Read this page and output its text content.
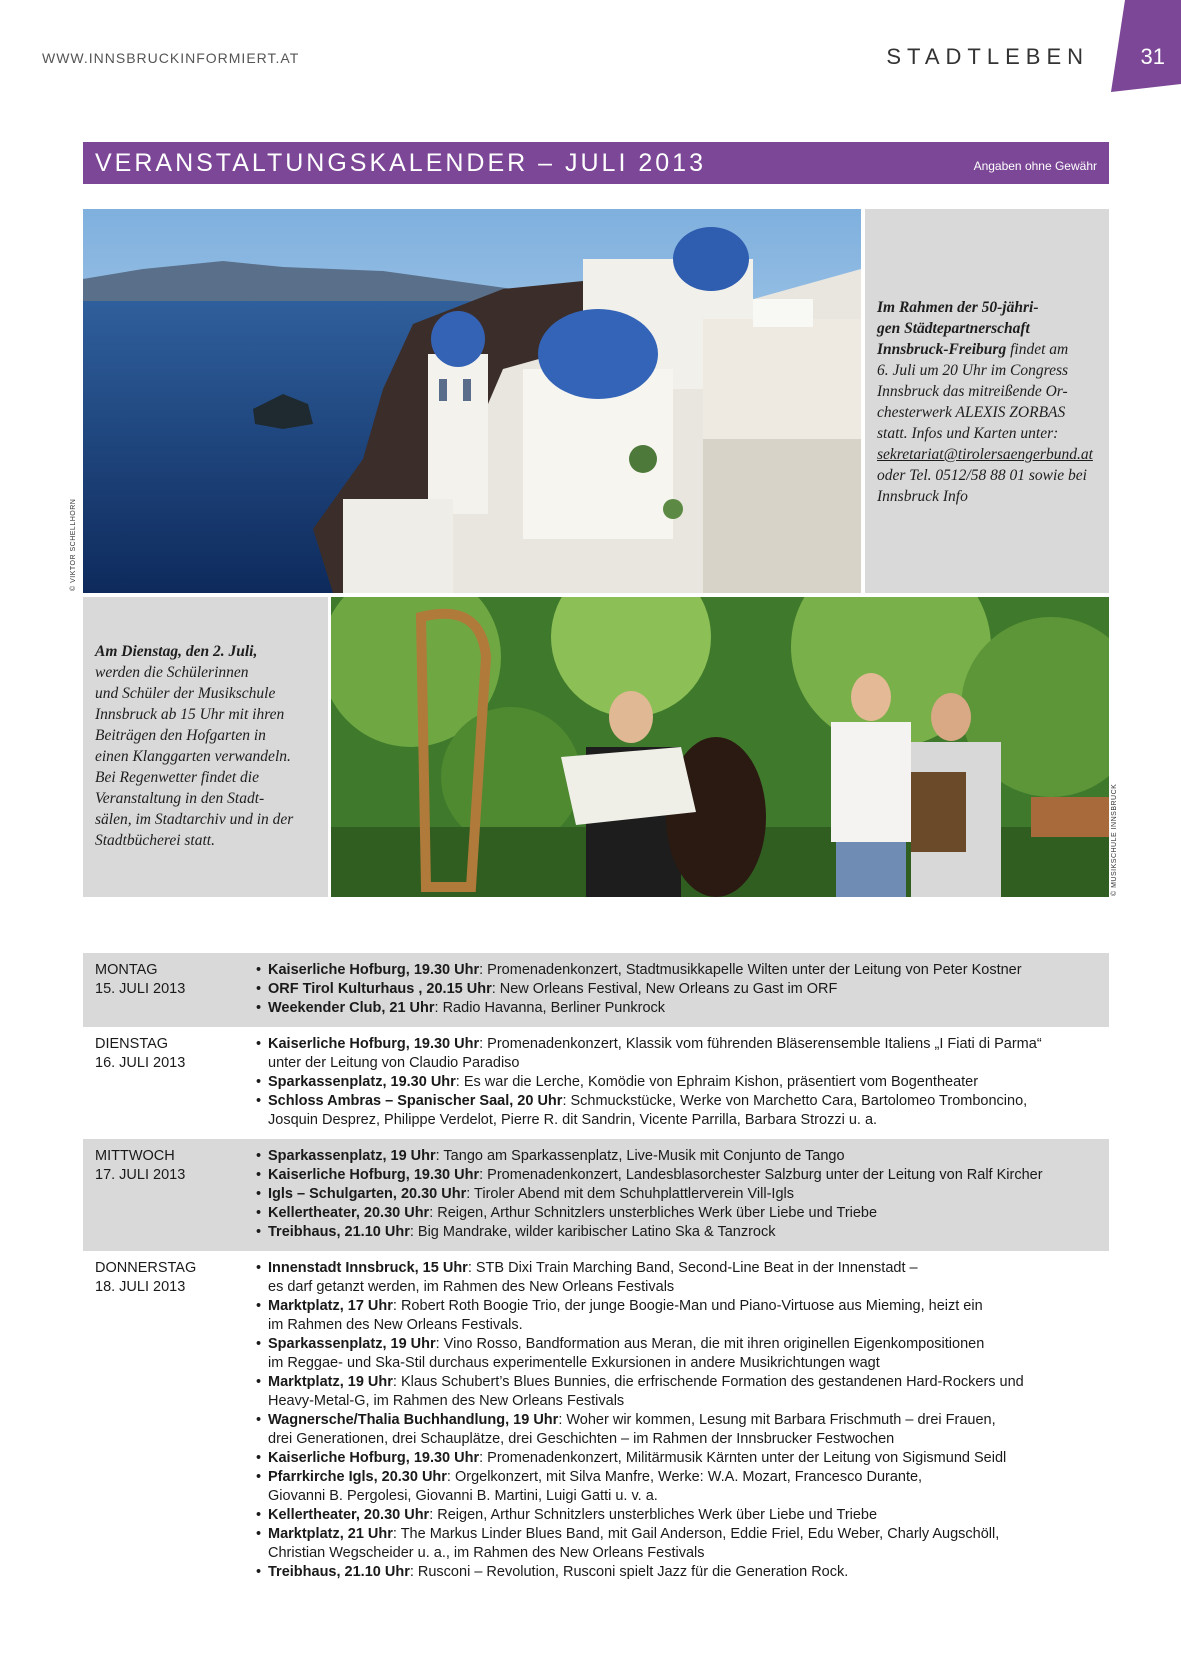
WWW.INNSBRUCKINFORMIERT.AT	STADTLEBEN 31
VERANSTALTUNGSKALENDER – JULI 2013	Angaben ohne Gewähr
© VIKTOR SCHELLHORN
Im Rahmen der 50-jähri-
gen Städtepartnerschaft
Innsbruck-Freiburg findet am
6. Juli um 20 Uhr im Congress
Innsbruck das mitreißende Or-
chesterwerk ALEXIS ZORBAS
statt. Infos und Karten unter:
sekretariat@tirolersaengerbund.at
oder Tel. 0512/58 88 01 sowie bei
Innsbruck Info
Am Dienstag, den 2. Juli,
werden die Schülerinnen
und Schüler der Musikschule
Innsbruck ab 15 Uhr mit ihren
Beiträgen den Hofgarten in
einen Klanggarten verwandeln.
Bei Regenwetter findet die
Veranstaltung in den Stadt-
sälen, im Stadtarchiv und in der
Stadtbücherei statt.	© MUSIKSCHULE INNSBRUCK
MONTAG
15. JULI 2013
• Kaiserliche Hofburg, 19.30 Uhr: Promenadenkonzert, Stadtmusikkapelle Wilten unter der Leitung von Peter Kostner
• ORF Tirol Kulturhaus , 20.15 Uhr: New Orleans Festival, New Orleans zu Gast im ORF
• Weekender Club, 21 Uhr: Radio Havanna, Berliner Punkrock
DIENSTAG
16. JULI 2013
• Kaiserliche Hofburg, 19.30 Uhr: Promenadenkonzert, Klassik vom führenden Bläserensemble Italiens „I Fiati di Parma“
unter der Leitung von Claudio Paradiso
• Sparkassenplatz, 19.30 Uhr: Es war die Lerche, Komödie von Ephraim Kishon, präsentiert vom Bogentheater
• Schloss Ambras – Spanischer Saal, 20 Uhr: Schmuckstücke, Werke von Marchetto Cara, Bartolomeo Tromboncino,
Josquin Desprez, Philippe Verdelot, Pierre R. dit Sandrin, Vicente Parrilla, Barbara Strozzi u. a.
MITTWOCH
17. JULI 2013
• Sparkassenplatz, 19 Uhr: Tango am Sparkassenplatz, Live-Musik mit Conjunto de Tango
• Kaiserliche Hofburg, 19.30 Uhr: Promenadenkonzert, Landesblasorchester Salzburg unter der Leitung von Ralf Kircher
• Igls – Schulgarten, 20.30 Uhr: Tiroler Abend mit dem Schuhplattlerverein Vill-Igls
• Kellertheater, 20.30 Uhr: Reigen, Arthur Schnitzlers unsterbliches Werk über Liebe und Triebe
• Treibhaus, 21.10 Uhr: Big Mandrake, wilder karibischer Latino Ska & Tanzrock
DONNERSTAG
18. JULI 2013
• Innenstadt Innsbruck, 15 Uhr: STB Dixi Train Marching Band, Second-Line Beat in der Innenstadt –
es darf getanzt werden, im Rahmen des New Orleans Festivals
• Marktplatz, 17 Uhr: Robert Roth Boogie Trio, der junge Boogie-Man und Piano-Virtuose aus Mieming, heizt ein
im Rahmen des New Orleans Festivals.
• Sparkassenplatz, 19 Uhr: Vino Rosso, Bandformation aus Meran, die mit ihren originellen Eigenkompositionen
im Reggae- und Ska-Stil durchaus experimentelle Exkursionen in andere Musikrichtungen wagt
• Marktplatz, 19 Uhr: Klaus Schubert’s Blues Bunnies, die erfrischende Formation des gestandenen Hard-Rockers und
Heavy-Metal-G, im Rahmen des New Orleans Festivals
• Wagnersche/Thalia Buchhandlung, 19 Uhr: Woher wir kommen, Lesung mit Barbara Frischmuth – drei Frauen,
drei Generationen, drei Schauplätze, drei Geschichten – im Rahmen der Innsbrucker Festwochen
• Kaiserliche Hofburg, 19.30 Uhr: Promenadenkonzert, Militärmusik Kärnten unter der Leitung von Sigismund Seidl
• Pfarrkirche Igls, 20.30 Uhr: Orgelkonzert, mit Silva Manfre, Werke: W.A. Mozart, Francesco Durante,
Giovanni B. Pergolesi, Giovanni B. Martini, Luigi Gatti u. v. a.
• Kellertheater, 20.30 Uhr: Reigen, Arthur Schnitzlers unsterbliches Werk über Liebe und Triebe
• Marktplatz, 21 Uhr: The Markus Linder Blues Band, mit Gail Anderson, Eddie Friel, Edu Weber, Charly Augschöll,
Christian Wegscheider u. a., im Rahmen des New Orleans Festivals
• Treibhaus, 21.10 Uhr: Rusconi – Revolution, Rusconi spielt Jazz für die Generation Rock.
